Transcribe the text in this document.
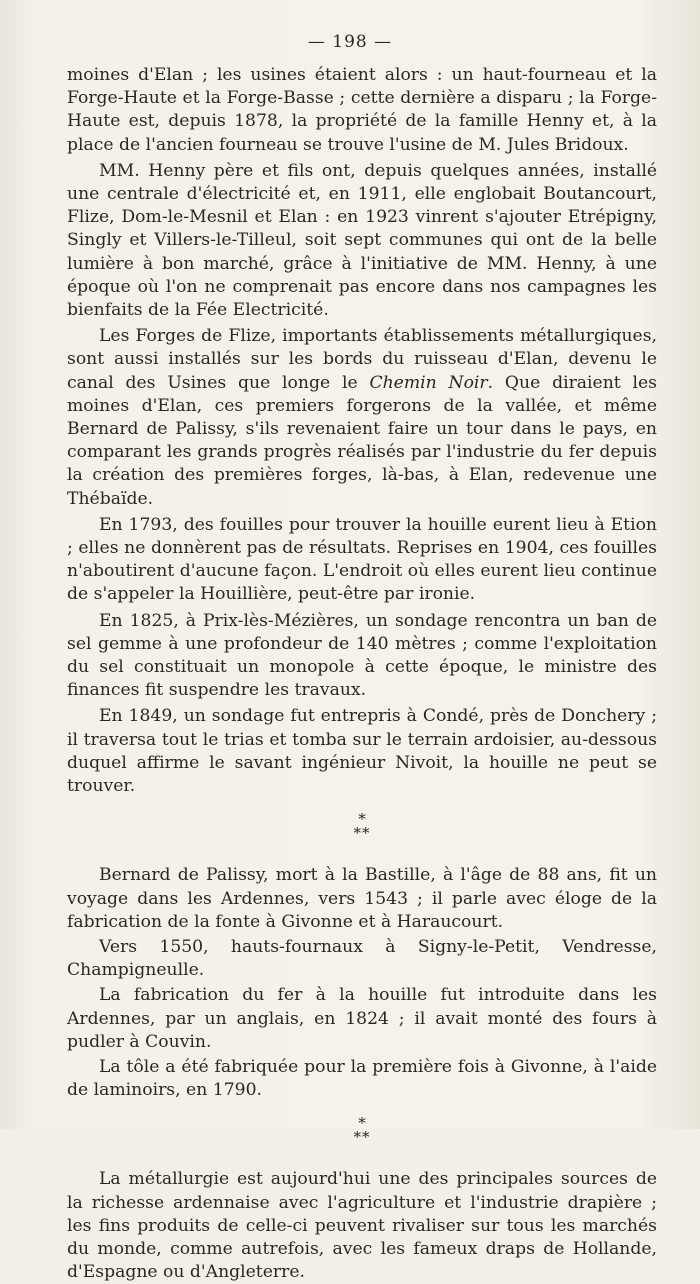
— 198 —

moines d'Elan ; les usines étaient alors : un haut-fourneau et la Forge-Haute et la Forge-Basse ; cette dernière a disparu ; la Forge-Haute est, depuis 1878, la propriété de la famille Henny et, à la place de l'ancien fourneau se trouve l'usine de M. Jules Bridoux.

MM. Henny père et fils ont, depuis quelques années, installé une centrale d'électricité et, en 1911, elle englobait Boutancourt, Flize, Dom-le-Mesnil et Elan : en 1923 vinrent s'ajouter Etrépigny, Singly et Villers-le-Tilleul, soit sept communes qui ont de la belle lumière à bon marché, grâce à l'initiative de MM. Henny, à une époque où l'on ne comprenait pas encore dans nos campagnes les bienfaits de la Fée Electricité.

Les Forges de Flize, importants établissements métallurgiques, sont aussi installés sur les bords du ruisseau d'Elan, devenu le canal des Usines que longe le Chemin Noir. Que diraient les moines d'Elan, ces premiers forgerons de la vallée, et même Bernard de Palissy, s'ils revenaient faire un tour dans le pays, en comparant les grands progrès réalisés par l'industrie du fer depuis la création des premières forges, là-bas, à Elan, redevenue une Thébaïde.

En 1793, des fouilles pour trouver la houille eurent lieu à Etion ; elles ne donnèrent pas de résultats. Reprises en 1904, ces fouilles n'aboutirent d'aucune façon. L'endroit où elles eurent lieu continue de s'appeler la Houillière, peut-être par ironie.

En 1825, à Prix-lès-Mézières, un sondage rencontra un ban de sel gemme à une profondeur de 140 mètres ; comme l'exploitation du sel constituait un monopole à cette époque, le ministre des finances fit suspendre les travaux.

En 1849, un sondage fut entrepris à Condé, près de Donchery ; il traversa tout le trias et tomba sur le terrain ardoisier, au-dessous duquel affirme le savant ingénieur Nivoit, la houille ne peut se trouver.

*
**

Bernard de Palissy, mort à la Bastille, à l'âge de 88 ans, fit un voyage dans les Ardennes, vers 1543 ; il parle avec éloge de la fabrication de la fonte à Givonne et à Haraucourt.

Vers 1550, hauts-fournaux à Signy-le-Petit, Vendresse, Champigneulle.

La fabrication du fer à la houille fut introduite dans les Ardennes, par un anglais, en 1824 ; il avait monté des fours à pudler à Couvin.

La tôle a été fabriquée pour la première fois à Givonne, à l'aide de laminoirs, en 1790.

*
**

La métallurgie est aujourd'hui une des principales sources de la richesse ardennaise avec l'agriculture et l'industrie drapière ; les fins produits de celle-ci peuvent rivaliser sur tous les marchés du monde, comme autrefois, avec les fameux draps de Hollande, d'Espagne ou d'Angleterre.
